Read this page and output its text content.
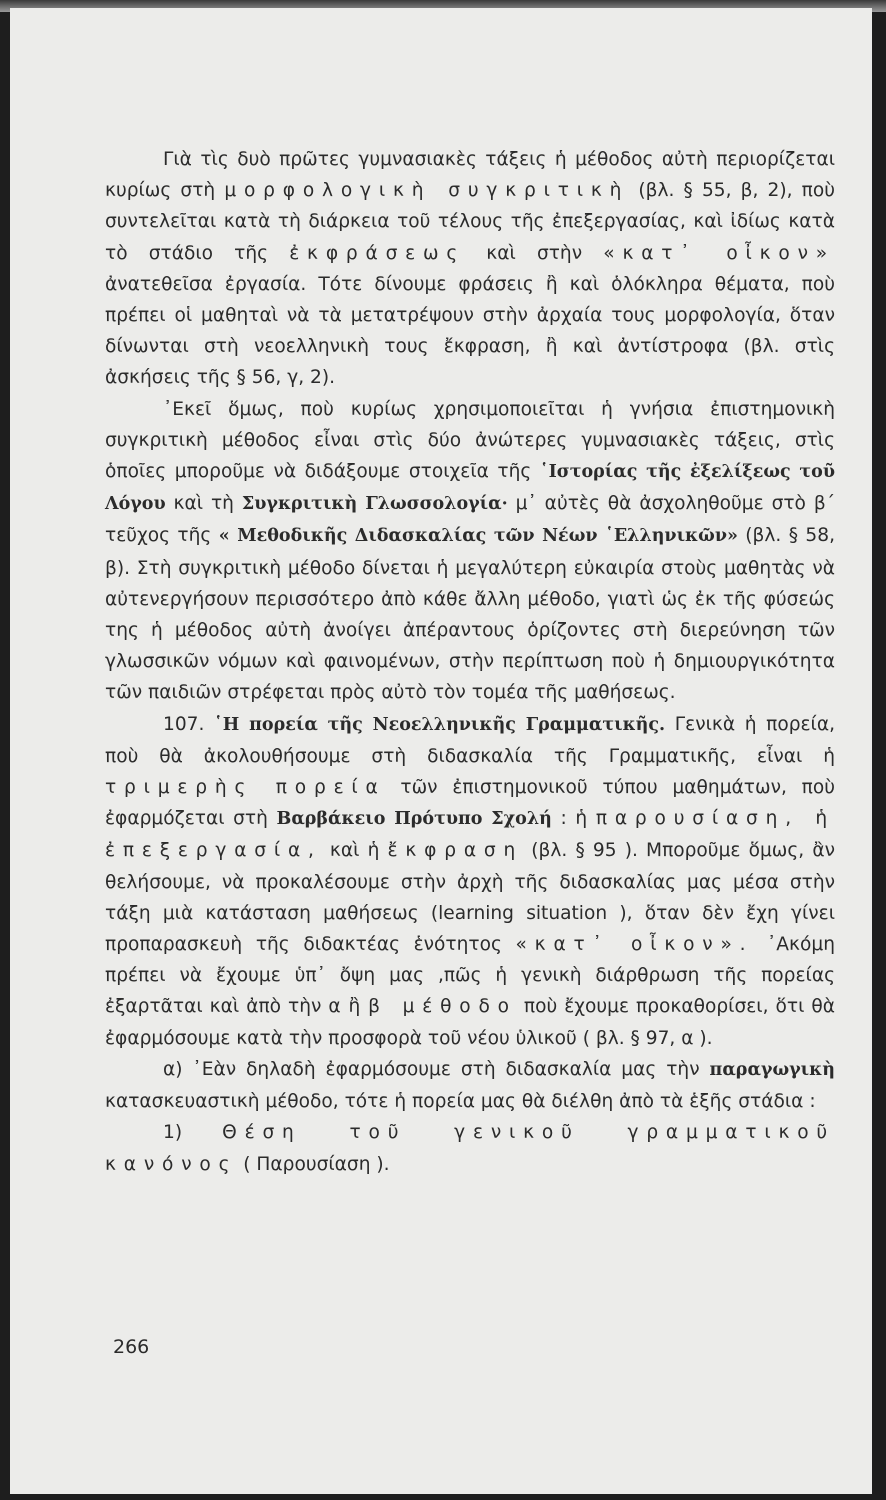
Γιὰ τὶς δυὸ πρῶτες γυμνασιακὲς τάξεις ἡ μέθοδος αὐτὴ περιορίζεται κυρίως στὴ μορφολογικὴ συγκριτικὴ (βλ. § 55, β, 2), ποὺ συντελεῖται κατὰ τὴ διάρκεια τοῦ τέλους τῆς ἐπεξεργασίας, καὶ ἰδίως κατὰ τὸ στάδιο τῆς ἐκφράσεως καὶ στὴν «κατ᾿ οἶκον» ἀνατεθεῖσα ἐργασία. Τότε δίνουμε φράσεις ἢ καὶ ὁλόκληρα θέματα, ποὺ πρέπει οἱ μαθηταὶ νὰ τὰ μετατρέψουν στὴν ἀρχαία τους μορφολογία, ὅταν δίνωνται στὴ νεοελληνικὴ τους ἔκφραση, ἢ καὶ ἀντίστροφα (βλ. στὶς ἀσκήσεις τῆς § 56, γ, 2).

᾿Εκεῖ ὅμως, ποὺ κυρίως χρησιμοποιεῖται ἡ γνήσια ἐπιστημονικὴ συγκριτικὴ μέθοδος εἶναι στὶς δύο ἀνώτερες γυμνασιακὲς τάξεις, στὶς ὁποῖες μποροῦμε νὰ διδάξουμε στοιχεῖα τῆς ῾Ιστορίας τῆς ἐξελίξεως τοῦ Λόγου καὶ τὴ Συγκριτικὴ Γλωσσολογία· μ᾿ αὐτὲς θὰ ἀσχοληθοῦμε στὸ β΄ τεῦχος τῆς « Μεθοδικῆς Διδασκαλίας τῶν Νέων ῾Ελληνικῶν» (βλ. § 58, β). Στὴ συγκριτικὴ μέθοδο δίνεται ἡ μεγαλύτερη εὐκαιρία στοὺς μαθητὰς νὰ αὐτενεργήσουν περισσότερο ἀπὸ κάθε ἄλλη μέθοδο, γιατὶ ὡς ἐκ τῆς φύσεώς της ἡ μέθοδος αὐτὴ ἀνοίγει ἀπέραντους ὁρίζοντες στὴ διερεύνηση τῶν γλωσσικῶν νόμων καὶ φαινομένων, στὴν περίπτωση ποὺ ἡ δημιουργικότητα τῶν παιδιῶν στρέφεται πρὸς αὐτὸ τὸν τομέα τῆς μαθήσεως.

107. ῾Η πορεία τῆς Νεοελληνικῆς Γραμματικῆς. Γενικὰ ἡ πορεία, ποὺ θὰ ἀκολουθήσουμε στὴ διδασκαλία τῆς Γραμματικῆς, εἶναι ἡ τριμερὴς πορεία τῶν ἐπιστημονικοῦ τύπου μαθημάτων, ποὺ ἐφαρμόζεται στὴ Βαρβάκειο Πρότυπο Σχολή : ἡ παρουσίαση, ἡ ἐπεξεργασία, καὶ ἡ ἔκφραση (βλ. § 95 ). Μποροῦμε ὅμως, ἂν θελήσουμε, νὰ προκαλέσουμε στὴν ἀρχὴ τῆς διδασκαλίας μας μέσα στὴν τάξη μιὰ κατάσταση μαθήσεως (learning situation ), ὅταν δὲν ἔχη γίνει προπαρασκευὴ τῆς διδακτέας ἑνότητος «κατ᾿ οἶκον». ᾿Ακόμη πρέπει νὰ ἔχουμε ὑπ᾿ ὄψη μας ,πῶς ἡ γενικὴ διάρθρωση τῆς πορείας ἐξαρτᾶται καὶ ἀπὸ τὴν αἢβ μέθοδο ποὺ ἔχουμε προκαθορίσει, ὅτι θὰ ἐφαρμόσουμε κατὰ τὴν προσφορὰ τοῦ νέου ὑλικοῦ ( βλ. § 97, α ).

α) ᾿Εὰν δηλαδὴ ἐφαρμόσουμε στὴ διδασκαλία μας τὴν παραγωγικὴ κατασκευαστικὴ μέθοδο, τότε ἡ πορεία μας θὰ διέλθη ἀπὸ τὰ ἑξῆς στάδια :

1) Θέση τοῦ γενικοῦ γραμματικοῦ κανόνος ( Παρουσίαση ).

266
